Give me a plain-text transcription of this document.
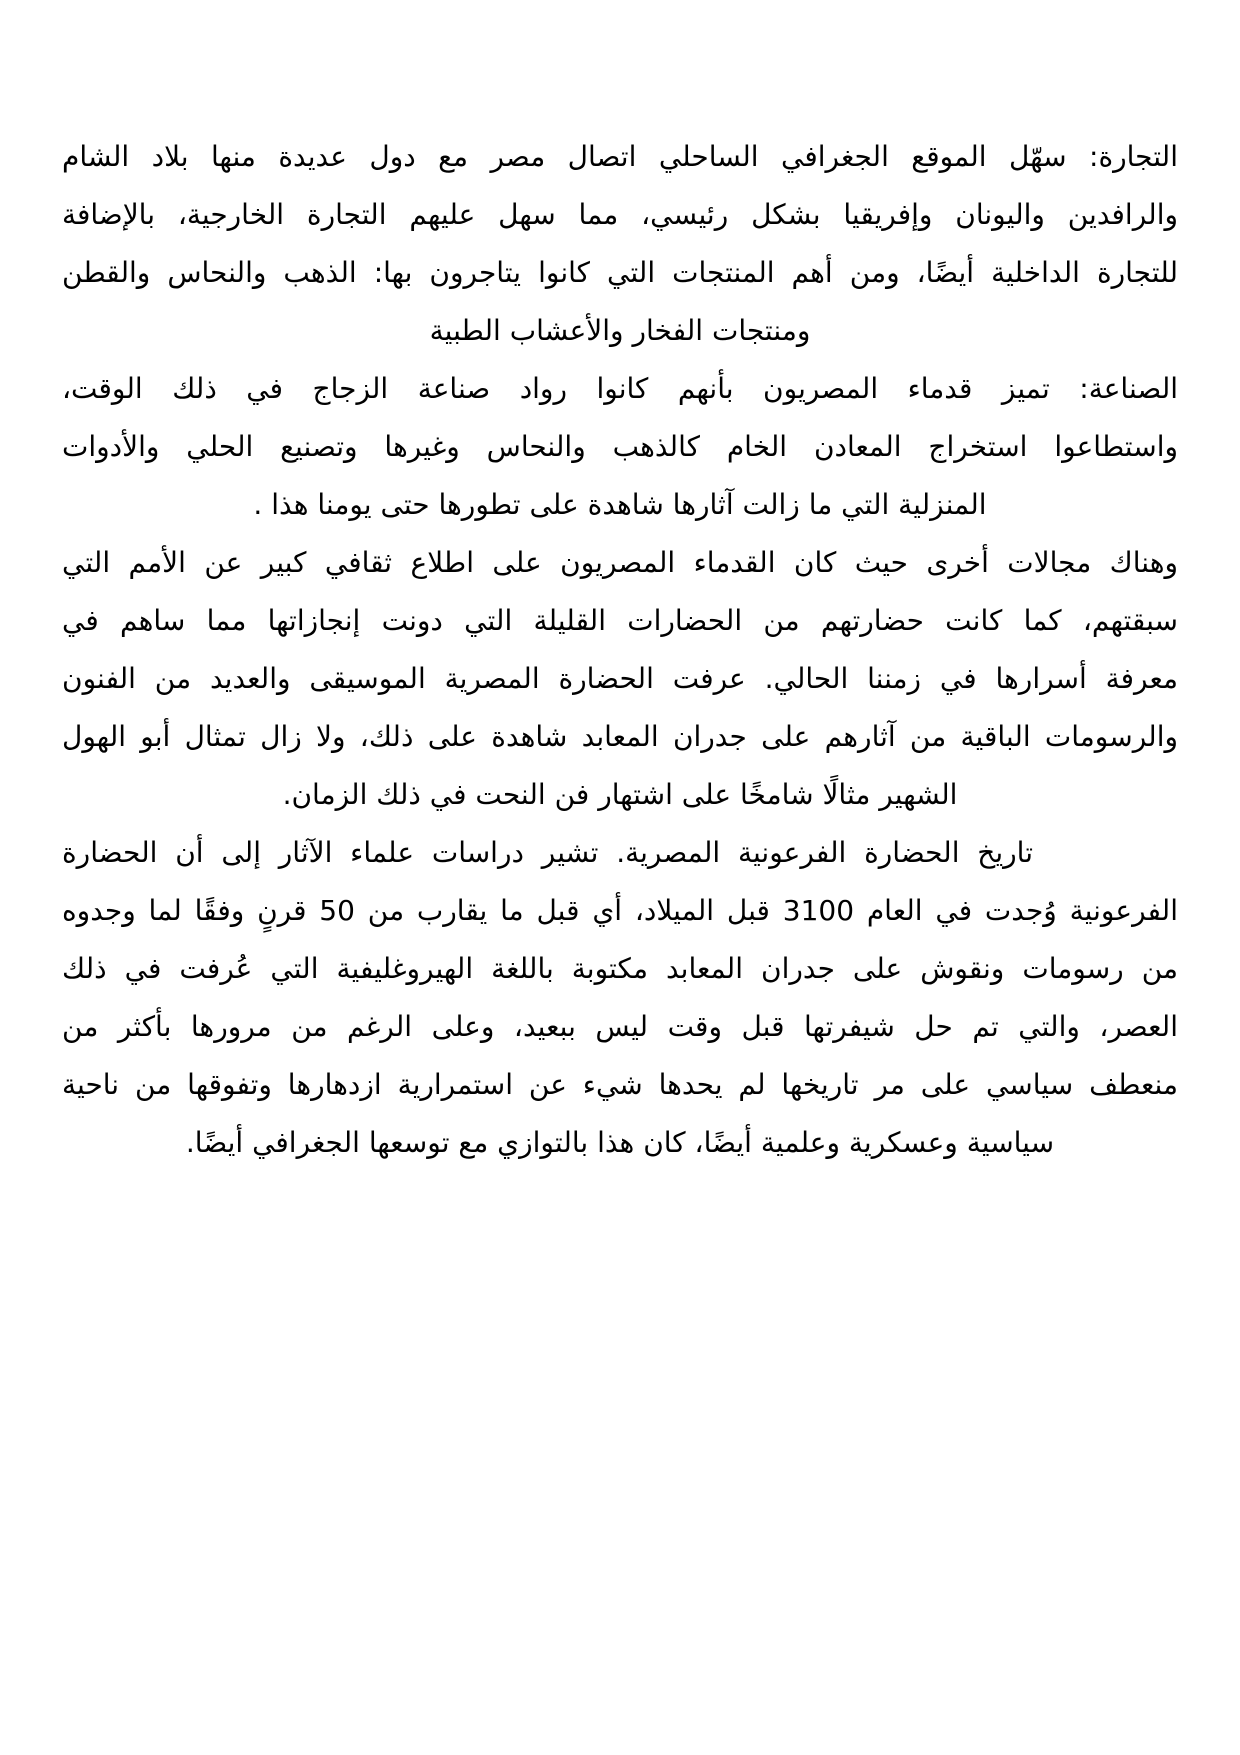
التجارة: سهّل الموقع الجغرافي الساحلي اتصال مصر مع دول عديدة منها بلاد الشام
والرافدين واليونان وإفريقيا بشكل رئيسي، مما سهل عليهم التجارة الخارجية، بالإضافة
للتجارة الداخلية أيضًا، ومن أهم المنتجات التي كانوا يتاجرون بها: الذهب والنحاس والقطن
ومنتجات الفخار والأعشاب الطبية

الصناعة: تميز قدماء المصريون بأنهم كانوا رواد صناعة الزجاج في ذلك الوقت،
واستطاعوا استخراج المعادن الخام كالذهب والنحاس وغيرها وتصنيع الحلي والأدوات
المنزلية التي ما زالت آثارها شاهدة على تطورها حتى يومنا هذا .

وهناك مجالات أخرى حيث كان القدماء المصريون على اطلاع ثقافي كبير عن الأمم التي
سبقتهم، كما كانت حضارتهم من الحضارات القليلة التي دونت إنجازاتها مما ساهم في
معرفة أسرارها في زمننا الحالي. عرفت الحضارة المصرية الموسيقى والعديد من الفنون
والرسومات الباقية من آثارهم على جدران المعابد شاهدة على ذلك، ولا زال تمثال أبو الهول
الشهير مثالًا شامخًا على اشتهار فن النحت في ذلك الزمان.

تاريخ الحضارة الفرعونية المصرية. تشير دراسات علماء الآثار إلى أن الحضارة
الفرعونية وُجدت في العام 3100 قبل الميلاد، أي قبل ما يقارب من 50 قرنٍ وفقًا لما وجدوه
من رسومات ونقوش على جدران المعابد مكتوبة باللغة الهيروغليفية التي عُرفت في ذلك
العصر، والتي تم حل شيفرتها قبل وقت ليس ببعيد، وعلى الرغم من مرورها بأكثر من
منعطف سياسي على مر تاريخها لم يحدها شيء عن استمرارية ازدهارها وتفوقها من ناحية
سياسية وعسكرية وعلمية أيضًا، كان هذا بالتوازي مع توسعها الجغرافي أيضًا.
